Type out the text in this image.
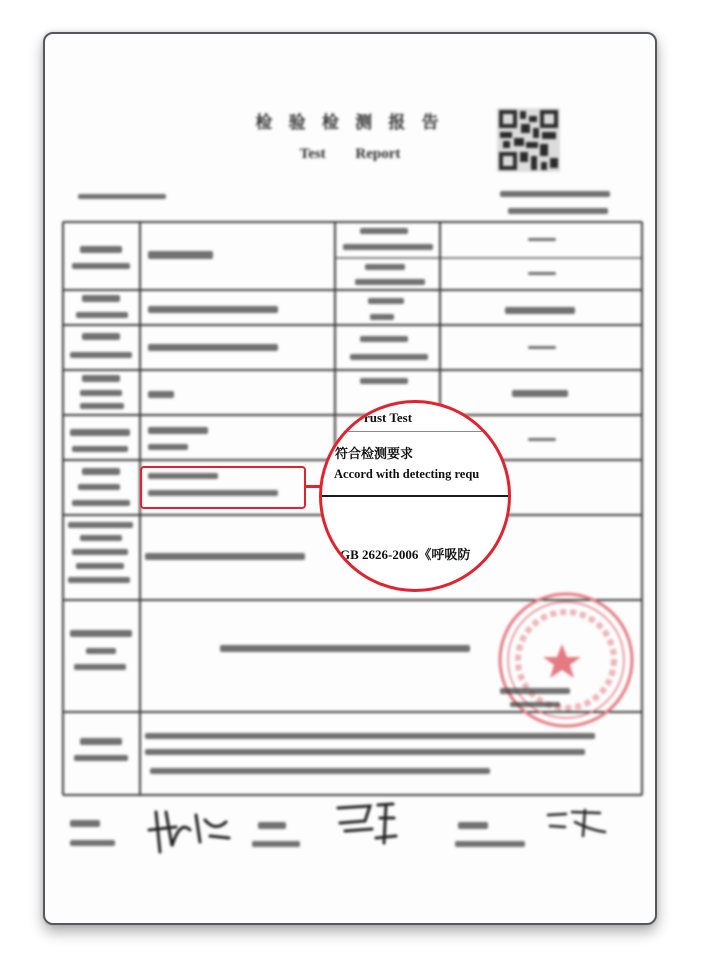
检 验 检 测 报 告
Test Report
rust Test
符合检测要求
Accord with detecting requ
GB 2626-2006《呼吸防
